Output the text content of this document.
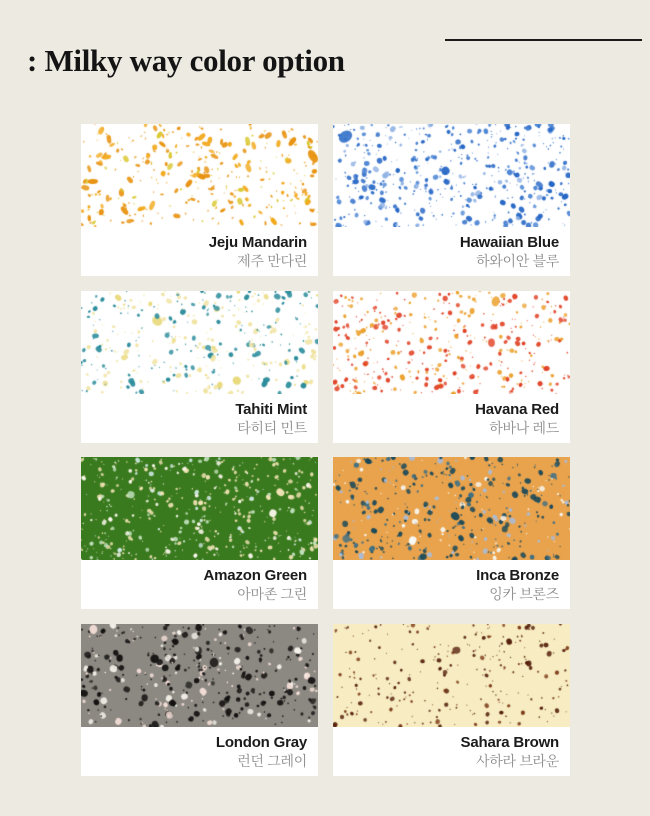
: Milky way color option
Jeju Mandarin
제주 만다린
Hawaiian Blue
하와이안 블루
Tahiti Mint
타히티 민트
Havana Red
하바나 레드
Amazon Green
아마존 그린
Inca Bronze
잉카 브론즈
London Gray
런던 그레이
Sahara Brown
사하라 브라운
